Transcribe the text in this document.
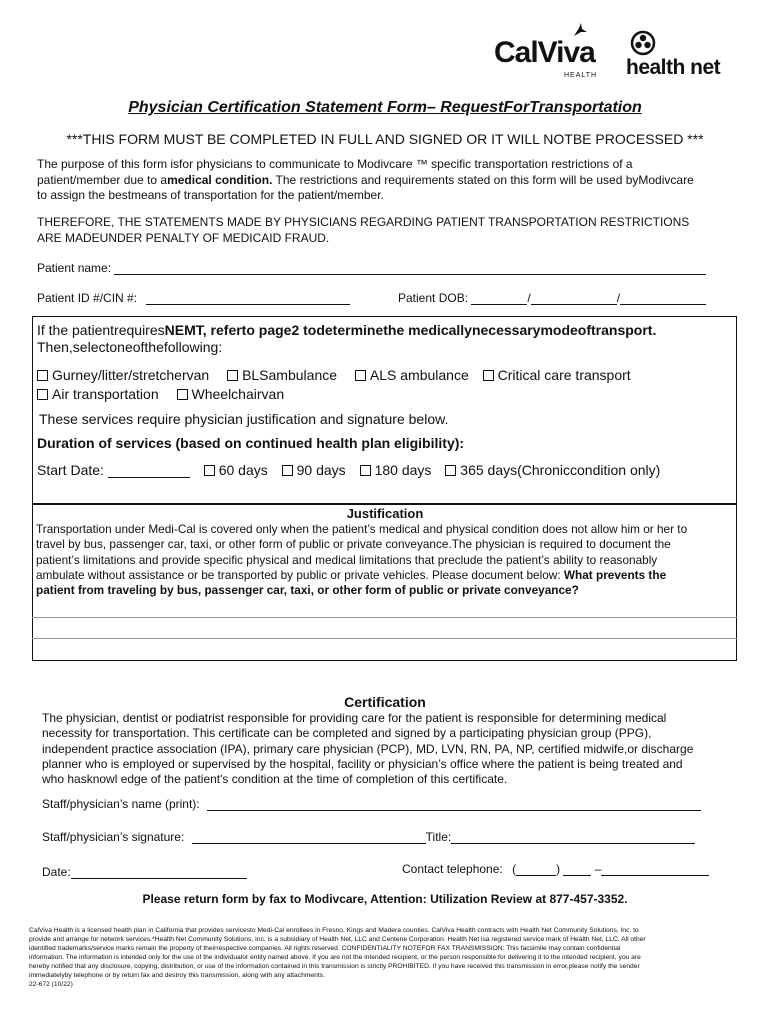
CalViva
HEALTH health net
Physician Certification Statement Form– RequestForTransportation
***THIS FORM MUST BE COMPLETED IN FULL AND SIGNED OR IT WILL NOTBE PROCESSED ***
The purpose of this form isfor physicians to communicate to Modivcare ™ specific transportation restrictions of a
patient/member due to amedical condition. The restrictions and requirements stated on this form will be used byModivcare
to assign the bestmeans of transportation for the patient/member.
THEREFORE, THE STATEMENTS MADE BY PHYSICIANS REGARDING PATIENT TRANSPORTATION RESTRICTIONS
ARE MADEUNDER PENALTY OF MEDICAID FRAUD.
Patient name:
Patient ID #/CIN #:	Patient DOB:	/	/
If the patientrequiresNEMT, referto page2 todeterminethe medicallynecessarymodeoftransport.
Then,selectoneofthefollowing:
Gurney/litter/stretchervan BLSambulance ALS ambulance Critical care transport
Air transportation Wheelchairvan
These services require physician justification and signature below.
Duration of services (based on continued health plan eligibility):
Start Date:	60 days 90 days 180 days 365 days(Chroniccondition only)
Justification
Transportation under Medi-Cal is covered only when the patient’s medical and physical condition does not allow him or her to
travel by bus, passenger car, taxi, or other form of public or private conveyance.The physician is required to document the
patient’s limitations and provide specific physical and medical limitations that preclude the patient’s ability to reasonably
ambulate without assistance or be transported by public or private vehicles. Please document below: What prevents the
patient from traveling by bus, passenger car, taxi, or other form of public or private conveyance?
Certification
The physician, dentist or podiatrist responsible for providing care for the patient is responsible for determining medical
necessity for transportation. This certificate can be completed and signed by a participating physician group (PPG),
independent practice association (IPA), primary care physician (PCP), MD, LVN, RN, PA, NP, certified midwife,or discharge
planner who is employed or supervised by the hospital, facility or physician’s office where the patient is being treated and
who hasknowl edge of the patient's condition at the time of completion of this certificate.
Staff/physician’s name (print):
Staff/physician’s signature:	Title:
Date:	Contact telephone: (	)	–
Please return form by fax to Modivcare, Attention: Utilization Review at 877-457-3352.
CalViva Health is a licensed health plan in California that provides servicesto Medi-Cal enrollees in Fresno, Kings and Madera counties. CalViva Health contracts with Health Net Community Solutions, Inc. to
provide and arrange for network services.*Health Net Community Solutions, Inc. is a subsidiary of Health Net, LLC and Centene Corporation. Health Net isa registered service mark of Health Net, LLC. All other
identified trademarks/service marks remain the property of theirrespective companies. All rights reserved. CONFIDENTIALITY NOTEFOR FAX TRANSMISSION: This facsimile may contain confidential
information. The information is intended only for the use of the individualor entity named above. If you are not the intended recipient, or the person responsible for delivering it to the intended recipient, you are
hereby notified that any disclosure, copying, distribution, or use of the information contained in this transmission is strictly PROHIBITED. If you have received this transmission in error,please notify the sender
immediatelyby telephone or by return fax and destroy this transmission, along with any attachments.
22-672 (10/22)
